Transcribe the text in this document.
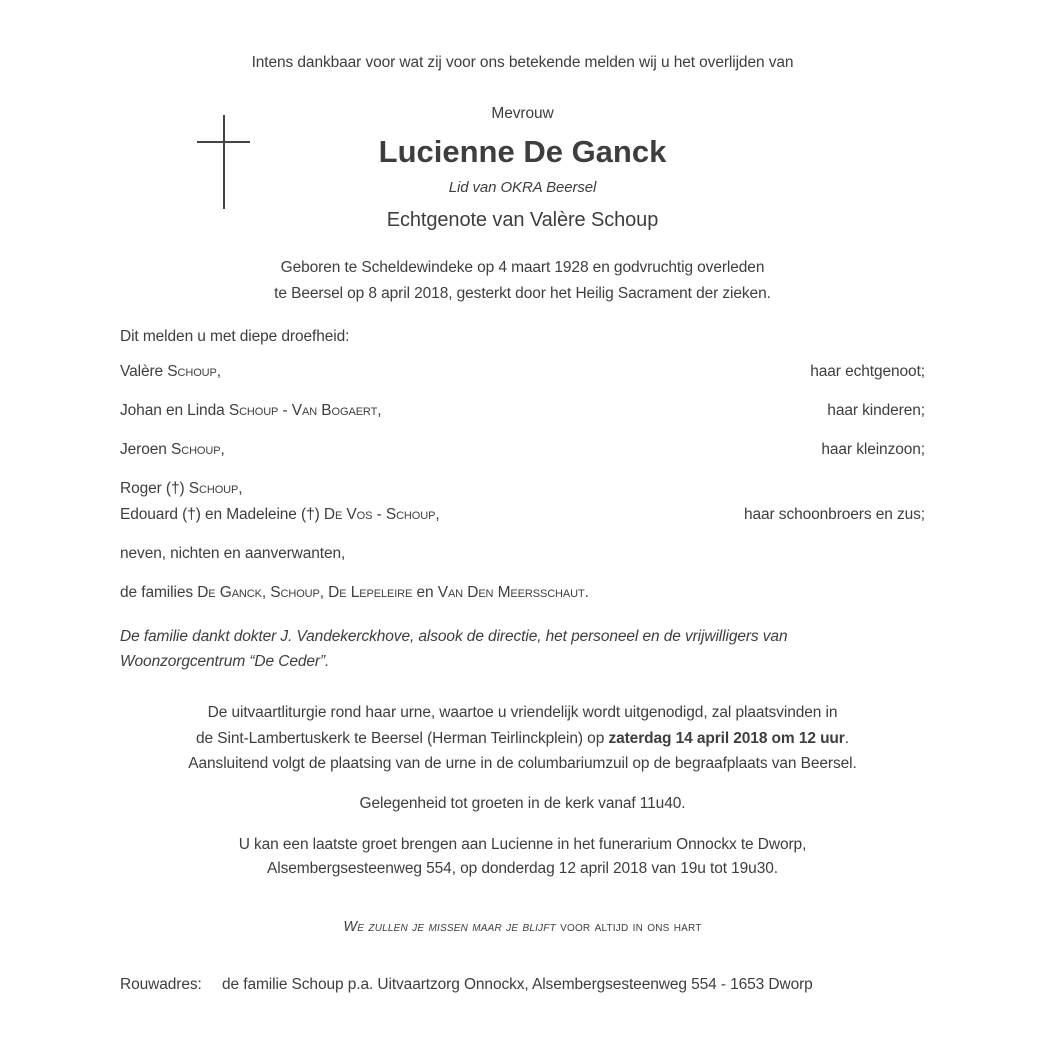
Intens dankbaar voor wat zij voor ons betekende melden wij u het overlijden van
Mevrouw
Lucienne De Ganck
Lid van OKRA Beersel
Echtgenote van Valère Schoup
Geboren te Scheldewindeke op 4 maart 1928 en godvruchtig overleden
te Beersel op 8 april 2018, gesterkt door het Heilig Sacrament der zieken.
Dit melden u met diepe droefheid:
Valère Schoup,	haar echtgenoot;
Johan en Linda Schoup - Van Bogaert,	haar kinderen;
Jeroen Schoup,	haar kleinzoon;
Roger (†) Schoup,
Edouard (†) en Madeleine (†) De Vos - Schoup,	haar schoonbroers en zus;
neven, nichten en aanverwanten,
de families De Ganck, Schoup, De Lepeleire en Van Den Meersschaut.
De familie dankt dokter J. Vandekerckhove, alsook de directie, het personeel en de vrijwilligers van
Woonzorgcentrum “De Ceder”.
De uitvaartliturgie rond haar urne, waartoe u vriendelijk wordt uitgenodigd, zal plaatsvinden in
de Sint-Lambertuskerk te Beersel (Herman Teirlinckplein) op zaterdag 14 april 2018 om 12 uur.
Aansluitend volgt de plaatsing van de urne in de columbariumzuil op de begraafplaats van Beersel.
Gelegenheid tot groeten in de kerk vanaf 11u40.
U kan een laatste groet brengen aan Lucienne in het funerarium Onnockx te Dworp,
Alsembergsesteenweg 554, op donderdag 12 april 2018 van 19u tot 19u30.
We zullen je missen maar je blijft voor altijd in ons hart
Rouwadres:	de familie Schoup p.a. Uitvaartzorg Onnockx, Alsembergsesteenweg 554 - 1653 Dworp
